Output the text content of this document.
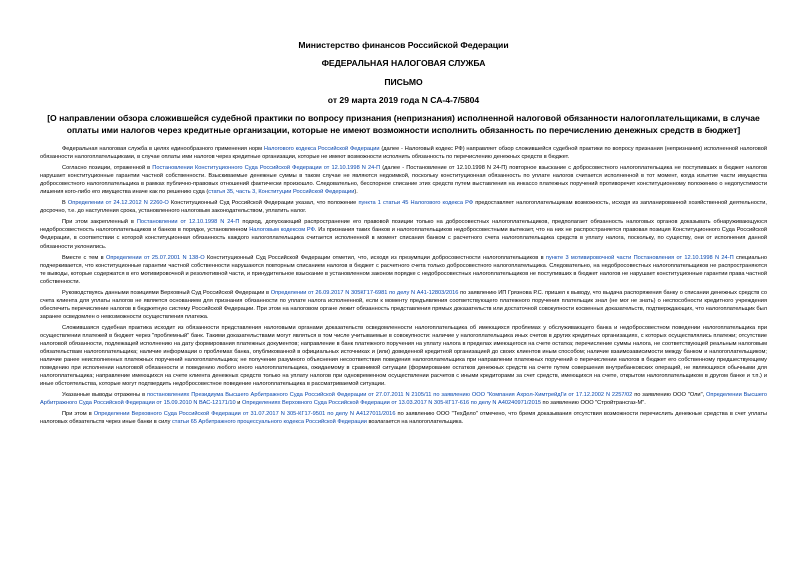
Министерство финансов Российской Федерации
ФЕДЕРАЛЬНАЯ НАЛОГОВАЯ СЛУЖБА
ПИСЬМО
от 29 марта 2019 года N СА-4-7/5804
[О направлении обзора сложившейся судебной практики по вопросу признания (непризнания) исполненной налоговой обязанности налогоплательщиками, в случае оплаты ими налогов через кредитные организации, которые не имеют возможности исполнить обязанность по перечислению денежных средств в бюджет]

Федеральная налоговая служба в целях единообразного применения норм Налогового кодекса Российской Федерации (далее - Налоговый кодекс РФ) направляет обзор сложившейся судебной практики по вопросу признания (непризнания) исполненной налоговой обязанности налогоплательщиками, в случае оплаты ими налогов через кредитные организации, которые не имеют возможности исполнить обязанность по перечислению денежных средств в бюджет.

Согласно позиции, отраженной в Постановлении Конституционного Суда Российской Федерации от 12.10.1998 N 24-П (далее - Постановление от 12.10.1998 N 24-П) повторное взыскание с добросовестного налогоплательщика не поступивших в бюджет налогов нарушает конституционные гарантии частной собственности. Взыскиваемые денежные суммы в таком случае не являются недоимкой, поскольку конституционная обязанность по уплате налогов считается исполненной в тот момент, когда изъятие части имущества добросовестного налогоплательщика в рамках публично-правовых отношений фактически произошло. Следовательно, бесспорное списание этих средств путем выставления на инкассо платежных поручений противоречит конституционному положению о недопустимости лишения кого-либо его имущества иначе как по решению суда (статья 35, часть 3, Конституции Российской Федерации).

В Определении от 24.12.2012 N 2260-О Конституционный Суд Российской Федерации указал, что положение пункта 1 статьи 45 Налогового кодекса РФ предоставляет налогоплательщикам возможность, исходя из запланированной хозяйственной деятельности, досрочно, т.е. до наступления срока, установленного налоговым законодательством, уплатить налог.

При этом закрепленный в Постановлении от 12.10.1998 N 24-П подход, допускающий распространение его правовой позиции только на добросовестных налогоплательщиков, предполагает обязанность налоговых органов доказывать обнаруживающуюся недобросовестность налогоплательщиков и банков в порядке, установленном Налоговым кодексом РФ. Из признания таких банков и налогоплательщиков недобросовестными вытекает, что на них не распространяется правовая позиция Конституционного Суда Российской Федерации, в соответствии с которой конституционная обязанность каждого налогоплательщика считается исполненной в момент списания банком с расчетного счета налогоплательщика средств в уплату налога, поскольку, по существу, они от исполнения данной обязанности уклонились.

Вместе с тем в Определении от 25.07.2001 N 138-О Конституционный Суд Российской Федерации отметил, что, исходя из презумпции добросовестности налогоплательщиков в пункте 3 мотивировочной части Постановления от 12.10.1998 N 24-П специально подчеркивается, что конституционные гарантии частной собственности нарушаются повторным списанием налогов в бюджет с расчетного счета только добросовестного налогоплательщика. Следовательно, на недобросовестных налогоплательщиков не распространяются те выводы, которые содержатся в его мотивировочной и резолютивной части, и принудительное взыскание в установленном законом порядке с недобросовестных налогоплательщиков не поступивших в бюджет налогов не нарушает конституционные гарантии права частной собственности.

Руководствуясь данными позициями Верховный Суд Российской Федерации в Определении от 26.09.2017 N 305КГ17-6981 по делу N А41-12803/2016 по заявлению ИП Грязнова Р.С. пришел к выводу, что выдача распоряжения банку о списании денежных средств со счета клиента для уплаты налогов не является основанием для признания обязанности по уплате налога исполненной, если к моменту предъявления соответствующего платежного поручения плательщик знал (не мог не знать) о неспособности кредитного учреждения обеспечить перечисление налогов в бюджетную систему Российской Федерации. При этом на налоговом органе лежит обязанность представления прямых доказательств или достаточной совокупности косвенных доказательств, подтверждающих, что налогоплательщик был заранее осведомлен о невозможности осуществления платежа.

Сложившаяся судебная практика исходит из обязанности представления налоговыми органами доказательств осведомленности налогоплательщика об имеющихся проблемах у обслуживающего банка и недобросовестном поведении налогоплательщика при осуществлении платежей в бюджет через "проблемный" банк. Такими доказательствами могут являться в том числе учитываемые в совокупности: наличие у налогоплательщика иных счетов в других кредитных организациях, с которых осуществлялись платежи; отсутствие налоговой обязанности, подлежащей исполнению на дату формирования платежных документов; направление в банк платежного поручения на уплату налога в пределах имеющегося на счете остатка; перечисление суммы налога, не соответствующей реальным налоговым обязательствам налогоплательщика; наличие информации о проблемах банка, опубликованной в официальных источниках и (или) доведенной кредитной организацией до своих клиентов иным способом; наличие взаимозависимости между банком и налогоплательщиком; наличие ранее неисполненных платежных поручений налогоплательщика; не получение разумного объяснения несоответствия поведения налогоплательщика при направлении платежных поручений о перечислении налогов в бюджет его собственному предшествующему поведению при исполнении налоговой обязанности и поведению любого иного налогоплательщика, ожидаемому в сравнимой ситуации (формирование остатков денежных средств на счете путем совершения внутрибанковских операций, не являющихся обычными для налогоплательщика; направление имеющихся на счете клиента денежных средств только на уплату налогов при одновременном осуществлении расчетов с иными кредиторами за счет средств, имеющихся на счете, открытом налогоплательщиком в другом банке и т.п.) и иные обстоятельства, которые могут подтвердить недобросовестное поведение налогоплательщика в рассматриваемой ситуации.

Указанные выводы отражены в постановлениях Президиума Высшего Арбитражного Суда Российской Федерации от 27.07.2011 N 2105/11 по заявлению ООО "Компания Ахрол-ХимтрейдГи от 17.12.2002 N 2257/02 по заявлению ООО "Оли", Определении Высшего Арбитражного Суда Российской Федерации от 15.09.2010 N ВАС-12171/10 и Определениях Верховного Суда Российской Федерации от 13.03.2017 N 305-КГ17-616 по делу N А40240971/2015 по заявлению ООО "Стройтрансгаз-М".

При этом в Определении Верховного Суда Российской Федерации от 31.07.2017 N 305-КГ17-9501 по делу N А4127011/2016 по заявлению ООО "ТехДело" отмечено, что бремя доказывания отсутствия возможности перечислить денежные средства в счет уплаты налоговых обязательств через иные банки в силу статьи 65 Арбитражного процессуального кодекса Российской Федерации возлагается на налогоплательщика.
